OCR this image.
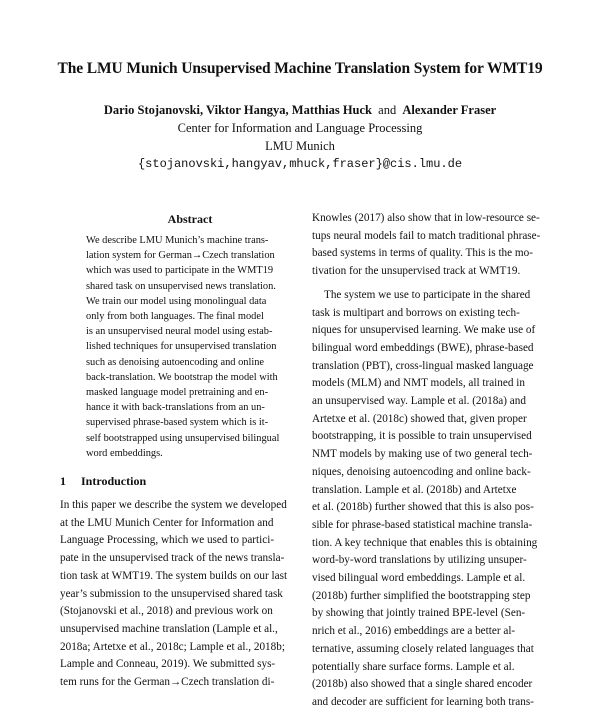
The LMU Munich Unsupervised Machine Translation System for WMT19
Dario Stojanovski, Viktor Hangya, Matthias Huck and Alexander Fraser
Center for Information and Language Processing
LMU Munich
{stojanovski,hangyav,mhuck,fraser}@cis.lmu.de
Abstract
We describe LMU Munich’s machine trans-
lation system for German→Czech translation
which was used to participate in the WMT19
shared task on unsupervised news translation.
We train our model using monolingual data
only from both languages. The final model
is an unsupervised neural model using estab-
lished techniques for unsupervised translation
such as denoising autoencoding and online
back-translation. We bootstrap the model with
masked language model pretraining and en-
hance it with back-translations from an un-
supervised phrase-based system which is it-
self bootstrapped using unsupervised bilingual
word embeddings.
1 Introduction
In this paper we describe the system we developed
at the LMU Munich Center for Information and
Language Processing, which we used to partici-
pate in the unsupervised track of the news transla-
tion task at WMT19. The system builds on our last
year’s submission to the unsupervised shared task
(Stojanovski et al., 2018) and previous work on
unsupervised machine translation (Lample et al.,
2018a; Artetxe et al., 2018c; Lample et al., 2018b;
Lample and Conneau, 2019). We submitted sys-
tem runs for the German→Czech translation di-
Knowles (2017) also show that in low-resource se-
tups neural models fail to match traditional phrase-
based systems in terms of quality. This is the mo-
tivation for the unsupervised track at WMT19.
The system we use to participate in the shared
task is multipart and borrows on existing tech-
niques for unsupervised learning. We make use of
bilingual word embeddings (BWE), phrase-based
translation (PBT), cross-lingual masked language
models (MLM) and NMT models, all trained in
an unsupervised way. Lample et al. (2018a) and
Artetxe et al. (2018c) showed that, given proper
bootstrapping, it is possible to train unsupervised
NMT models by making use of two general tech-
niques, denoising autoencoding and online back-
translation. Lample et al. (2018b) and Artetxe
et al. (2018b) further showed that this is also pos-
sible for phrase-based statistical machine transla-
tion. A key technique that enables this is obtaining
word-by-word translations by utilizing unsuper-
vised bilingual word embeddings. Lample et al.
(2018b) further simplified the bootstrapping step
by showing that jointly trained BPE-level (Sen-
nrich et al., 2016) embeddings are a better al-
ternative, assuming closely related languages that
potentially share surface forms. Lample et al.
(2018b) also showed that a single shared encoder
and decoder are sufficient for learning both trans-
